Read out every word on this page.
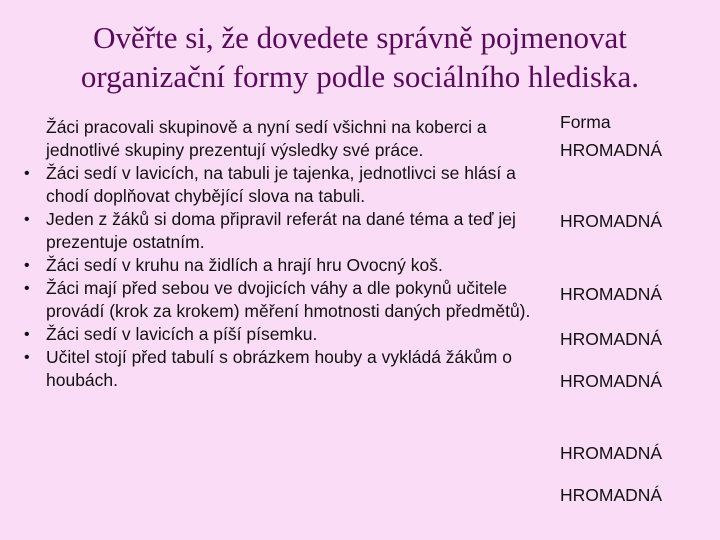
Ověřte si, že dovedete správně pojmenovat
organizační formy podle sociálního hlediska.
Žáci pracovali skupinově a nyní sedí všichni na koberci a jednotlivé skupiny prezentují výsledky své práce.
• Žáci sedí v lavicích, na tabuli je tajenka, jednotlivci se hlásí a chodí doplňovat chybějící slova na tabuli.
• Jeden z žáků si doma připravil referát na dané téma a teď jej prezentuje ostatním.
• Žáci sedí v kruhu na židlích a hrají hru Ovocný koš.
• Žáci mají před sebou ve dvojicích váhy a dle pokynů učitele provádí (krok za krokem) měření hmotnosti daných předmětů).
• Žáci sedí v lavicích a píší písemku.
• Učitel stojí před tabulí s obrázkem houby a vykládá žákům o houbách.
Forma
HROMADNÁ
HROMADNÁ
HROMADNÁ
HROMADNÁ
HROMADNÁ
HROMADNÁ
HROMADNÁ
